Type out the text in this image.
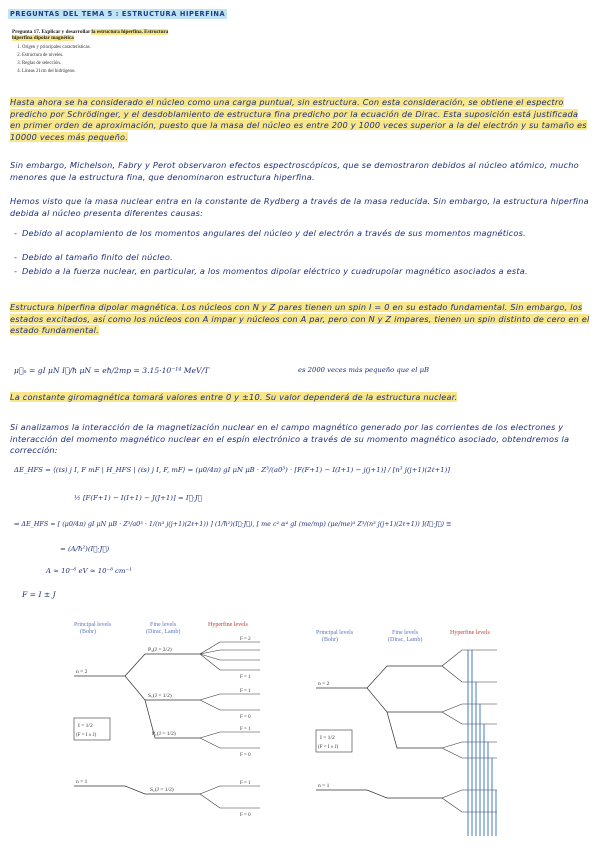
PREGUNTAS DEL TEMA 5 : ESTRUCTURA HIPERFINA
Pregunta 17. Explicar y desarrollar la estructura hiperfina. Estructura hiperfina dipolar magnética
1. Origen y principales características.
2. Estructura de niveles.
3. Reglas de selección.
4. Líneas 21cm del hidrógeno.
Hasta ahora se ha considerado el núcleo como una carga puntual, sin estructura. Con esta consideración, se obtiene el espectro predicho por Schrödinger, y el desdoblamiento de estructura fina predicho por la ecuación de Dirac. Esta suposición está justificada en primer orden de aproximación, puesto que la masa del núcleo es entre 200 y 1000 veces superior a la del electrón y su tamaño es 10000 veces más pequeño.
Sin embargo, Michelson, Fabry y Perot observaron efectos espectroscópicos, que se demostraron debidos al núcleo atómico, mucho menores que la estructura fina, que denominaron estructura hiperfina.
Hemos visto que la masa nuclear entra en la constante de Rydberg a través de la masa reducida. Sin embargo, la estructura hiperfina debida al núcleo presenta diferentes causas:
- Debido al acoplamiento de los momentos angulares del núcleo y del electrón a través de sus momentos magnéticos.
- Debido al tamaño finito del núcleo.
- Debido a la fuerza nuclear, en particular, a los momentos dipolar eléctrico y cuadrupolar magnético asociados a esta.
Estructura hiperfina dipolar magnética. Los núcleos con N y Z pares tienen un spin I = 0 en su estado fundamental. Sin embargo, los estados excitados, así como los núcleos con A impar y núcleos con A par, pero con N y Z impares, tienen un spin distinto de cero en el estado fundamental.
μ⃗ₙ = gI μN I⃗/ħ μN = eħ/2mp = 3.15·10⁻¹⁴ MeV/T	es 2000 veces más pequeño que el μB
La constante giromagnética tomará valores entre 0 y ±10. Su valor dependerá de la estructura nuclear.
Si analizamos la interacción de la magnetización nuclear en el campo magnético generado por las corrientes de los electrones y interacción del momento magnético nuclear en el espín electrónico a través de su momento magnético asociado, obtendremos la corrección:
ΔE_HFS = ⟨(ℓs) j I, F mF | H_HFS | (ℓs) j I, F, mF⟩ = (μ0/4π) gI μN μB · Z³/(a0³) · [F(F+1) − I(I+1) − j(j+1)] / [n³ j(j+1)(2ℓ+1)]
½ [F(F+1) − I(I+1) − J(J+1)] = I⃗·J⃗
⇒ ΔE_HFS = [ (μ0/4π) gI μN μB · Z³/a0³ · 1/(n³ j(j+1)(2ℓ+1)) ] (1/ħ²)(I⃗·J⃗), [ me c² α⁴ gI (me/mp) (μe/me)³ Z³/(n³ j(j+1)(2ℓ+1)) ](I⃗·J⃗) ≡
= (A/ħ²)(I⃗·J⃗)
A ≈ 10⁻⁶ eV ≈ 10⁻⁸ cm⁻¹
F = I ± J
Principal levels
(Bohr)
Fine levels
(Dirac, Lamb)
Hyperfine levels
n = 2
P₃(J = 3/2)
S₁(J = 1/2)
P₁(J = 1/2)
F = 2
F = 1
F = 1
F = 0
F = 1
F = 0
I = 1/2
(F = I ± J)
n = 1
S₁(J = 1/2)
F = 1
F = 0
Principal levels
(Bohr)
Fine levels
(Dirac, Lamb)
Hyperfine levels
n = 2
I = 1/2
(F = I ± J)
n = 1
